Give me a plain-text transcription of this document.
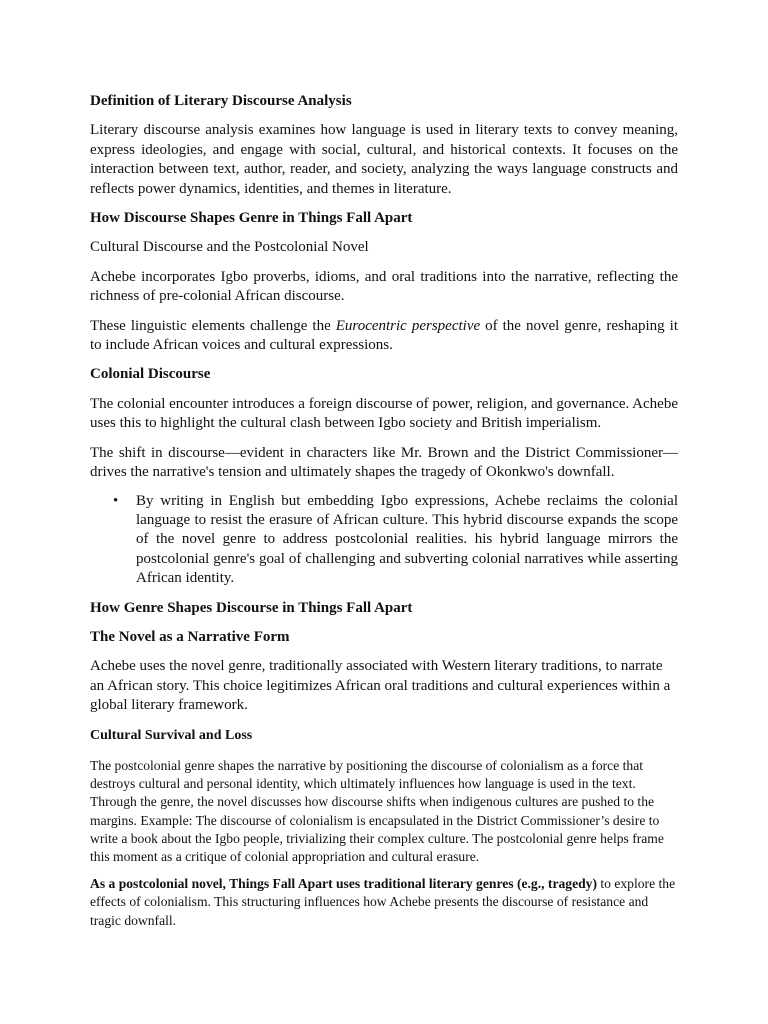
Definition of Literary Discourse Analysis

Literary discourse analysis examines how language is used in literary texts to convey meaning, express ideologies, and engage with social, cultural, and historical contexts. It focuses on the interaction between text, author, reader, and society, analyzing the ways language constructs and reflects power dynamics, identities, and themes in literature.

How Discourse Shapes Genre in Things Fall Apart

Cultural Discourse and the Postcolonial Novel

Achebe incorporates Igbo proverbs, idioms, and oral traditions into the narrative, reflecting the richness of pre-colonial African discourse.

These linguistic elements challenge the Eurocentric perspective of the novel genre, reshaping it to include African voices and cultural expressions.

Colonial Discourse

The colonial encounter introduces a foreign discourse of power, religion, and governance. Achebe uses this to highlight the cultural clash between Igbo society and British imperialism.

The shift in discourse—evident in characters like Mr. Brown and the District Commissioner—drives the narrative's tension and ultimately shapes the tragedy of Okonkwo's downfall.

• By writing in English but embedding Igbo expressions, Achebe reclaims the colonial language to resist the erasure of African culture. This hybrid discourse expands the scope of the novel genre to address postcolonial realities. his hybrid language mirrors the postcolonial genre's goal of challenging and subverting colonial narratives while asserting African identity.

How Genre Shapes Discourse in Things Fall Apart

The Novel as a Narrative Form

Achebe uses the novel genre, traditionally associated with Western literary traditions, to narrate an African story. This choice legitimizes African oral traditions and cultural experiences within a global literary framework.

Cultural Survival and Loss

The postcolonial genre shapes the narrative by positioning the discourse of colonialism as a force that destroys cultural and personal identity, which ultimately influences how language is used in the text. Through the genre, the novel discusses how discourse shifts when indigenous cultures are pushed to the margins. Example: The discourse of colonialism is encapsulated in the District Commissioner’s desire to write a book about the Igbo people, trivializing their complex culture. The postcolonial genre helps frame this moment as a critique of colonial appropriation and cultural erasure.

As a postcolonial novel, Things Fall Apart uses traditional literary genres (e.g., tragedy) to explore the effects of colonialism. This structuring influences how Achebe presents the discourse of resistance and tragic downfall.
